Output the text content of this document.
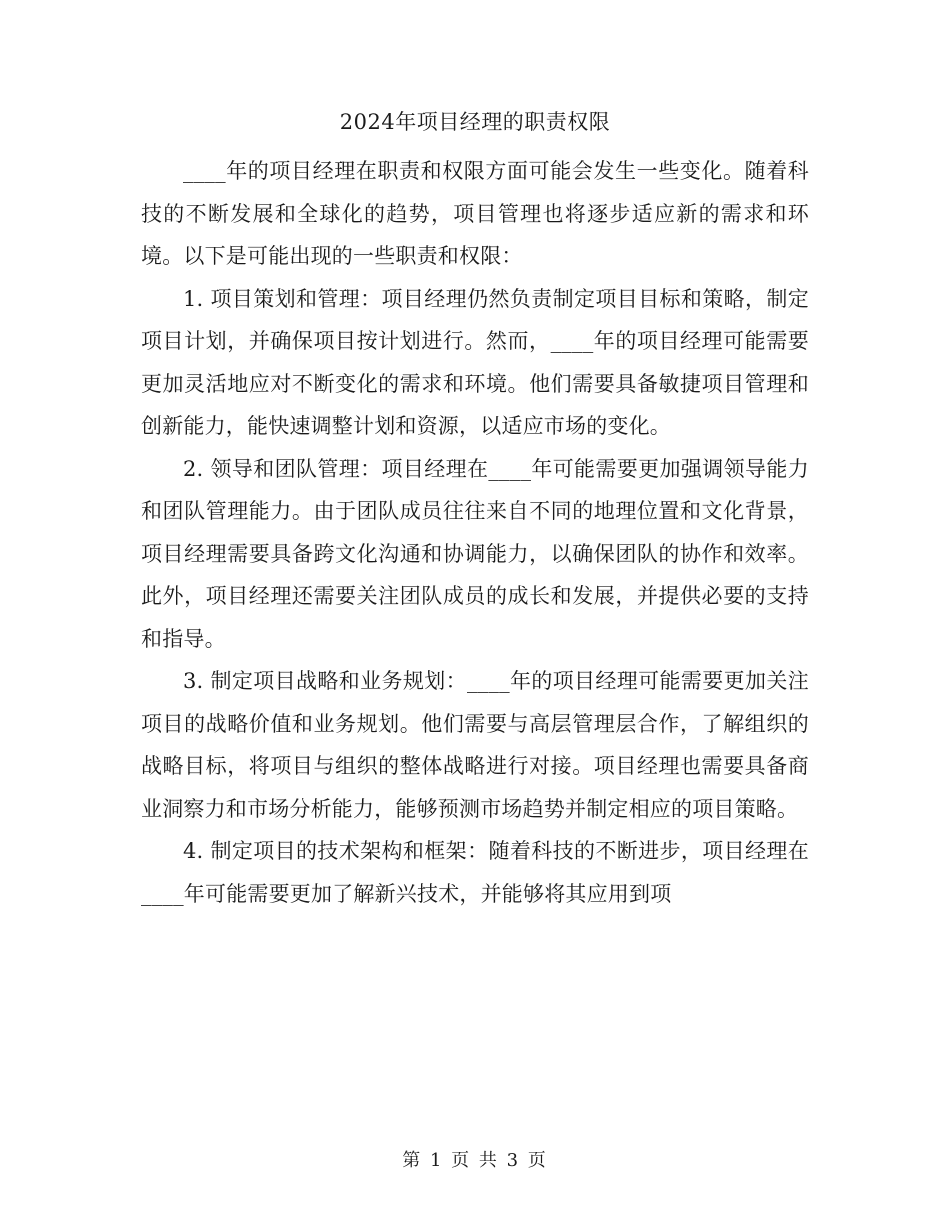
2024年项目经理的职责权限

____年的项目经理在职责和权限方面可能会发生一些变化。随着科技的不断发展和全球化的趋势，项目管理也将逐步适应新的需求和环境。以下是可能出现的一些职责和权限：

1. 项目策划和管理：项目经理仍然负责制定项目目标和策略，制定项目计划，并确保项目按计划进行。然而，____年的项目经理可能需要更加灵活地应对不断变化的需求和环境。他们需要具备敏捷项目管理和创新能力，能快速调整计划和资源，以适应市场的变化。

2. 领导和团队管理：项目经理在____年可能需要更加强调领导能力和团队管理能力。由于团队成员往往来自不同的地理位置和文化背景，项目经理需要具备跨文化沟通和协调能力，以确保团队的协作和效率。此外，项目经理还需要关注团队成员的成长和发展，并提供必要的支持和指导。

3. 制定项目战略和业务规划：____年的项目经理可能需要更加关注项目的战略价值和业务规划。他们需要与高层管理层合作，了解组织的战略目标，将项目与组织的整体战略进行对接。项目经理也需要具备商业洞察力和市场分析能力，能够预测市场趋势并制定相应的项目策略。

4. 制定项目的技术架构和框架：随着科技的不断进步，项目经理在____年可能需要更加了解新兴技术，并能够将其应用到项

第 1 页 共 3 页
